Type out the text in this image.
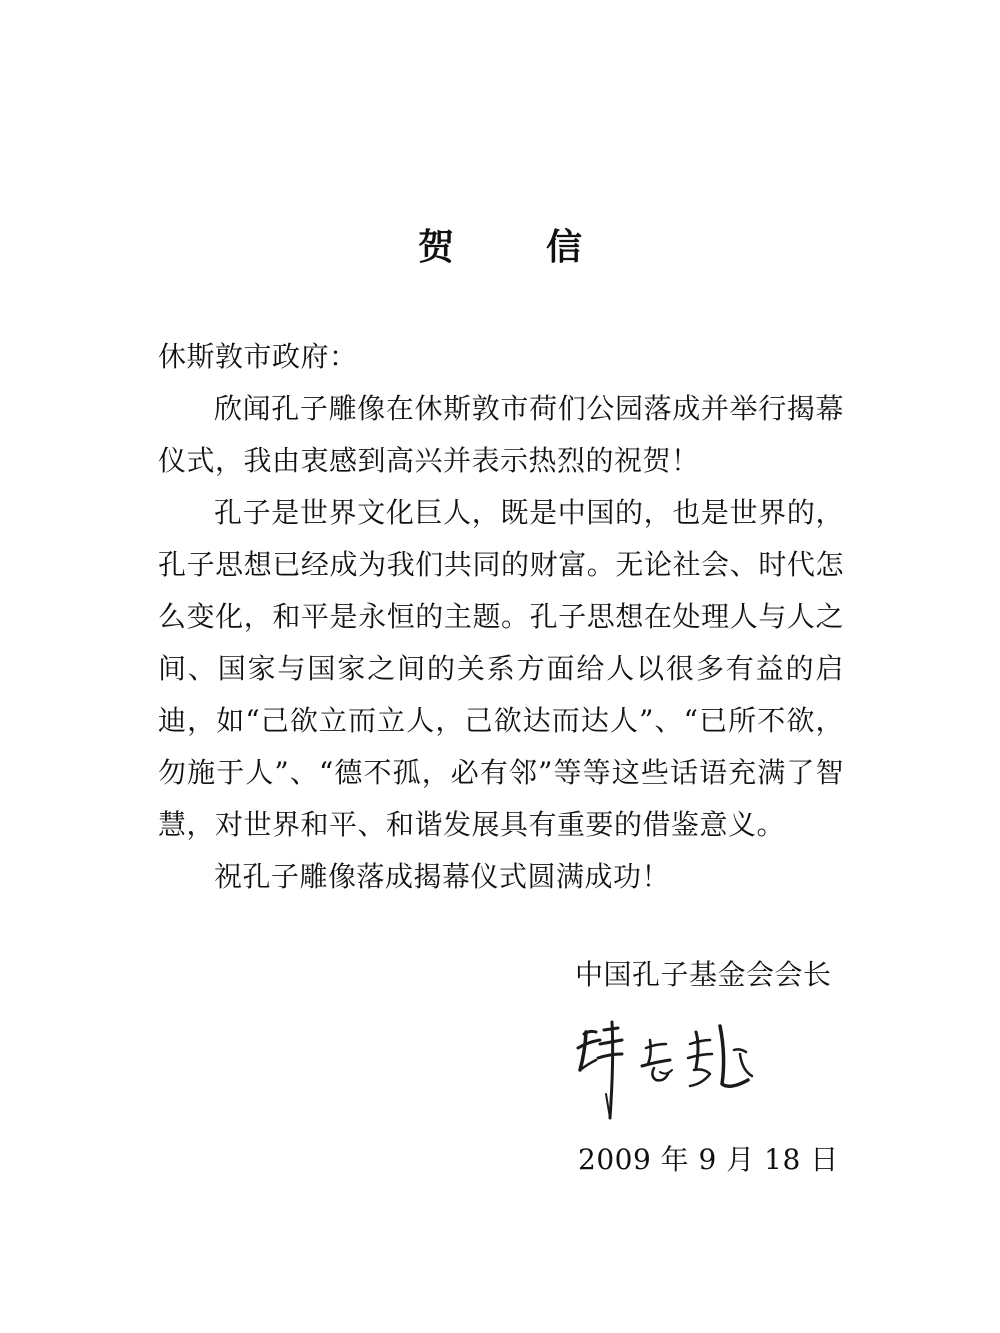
贺	信
休斯敦市政府：

欣闻孔子雕像在休斯敦市荷们公园落成并举行揭幕仪式，我由衷感到高兴并表示热烈的祝贺！

孔子是世界文化巨人，既是中国的，也是世界的，孔子思想已经成为我们共同的财富。无论社会、时代怎么变化，和平是永恒的主题。孔子思想在处理人与人之间、国家与国家之间的关系方面给人以很多有益的启迪，如“己欲立而立人，己欲达而达人”、“已所不欲，勿施于人”、“德不孤，必有邻”等等这些话语充满了智慧，对世界和平、和谐发展具有重要的借鉴意义。

祝孔子雕像落成揭幕仪式圆满成功！

中国孔子基金会会长
2009 年 9 月 18 日
